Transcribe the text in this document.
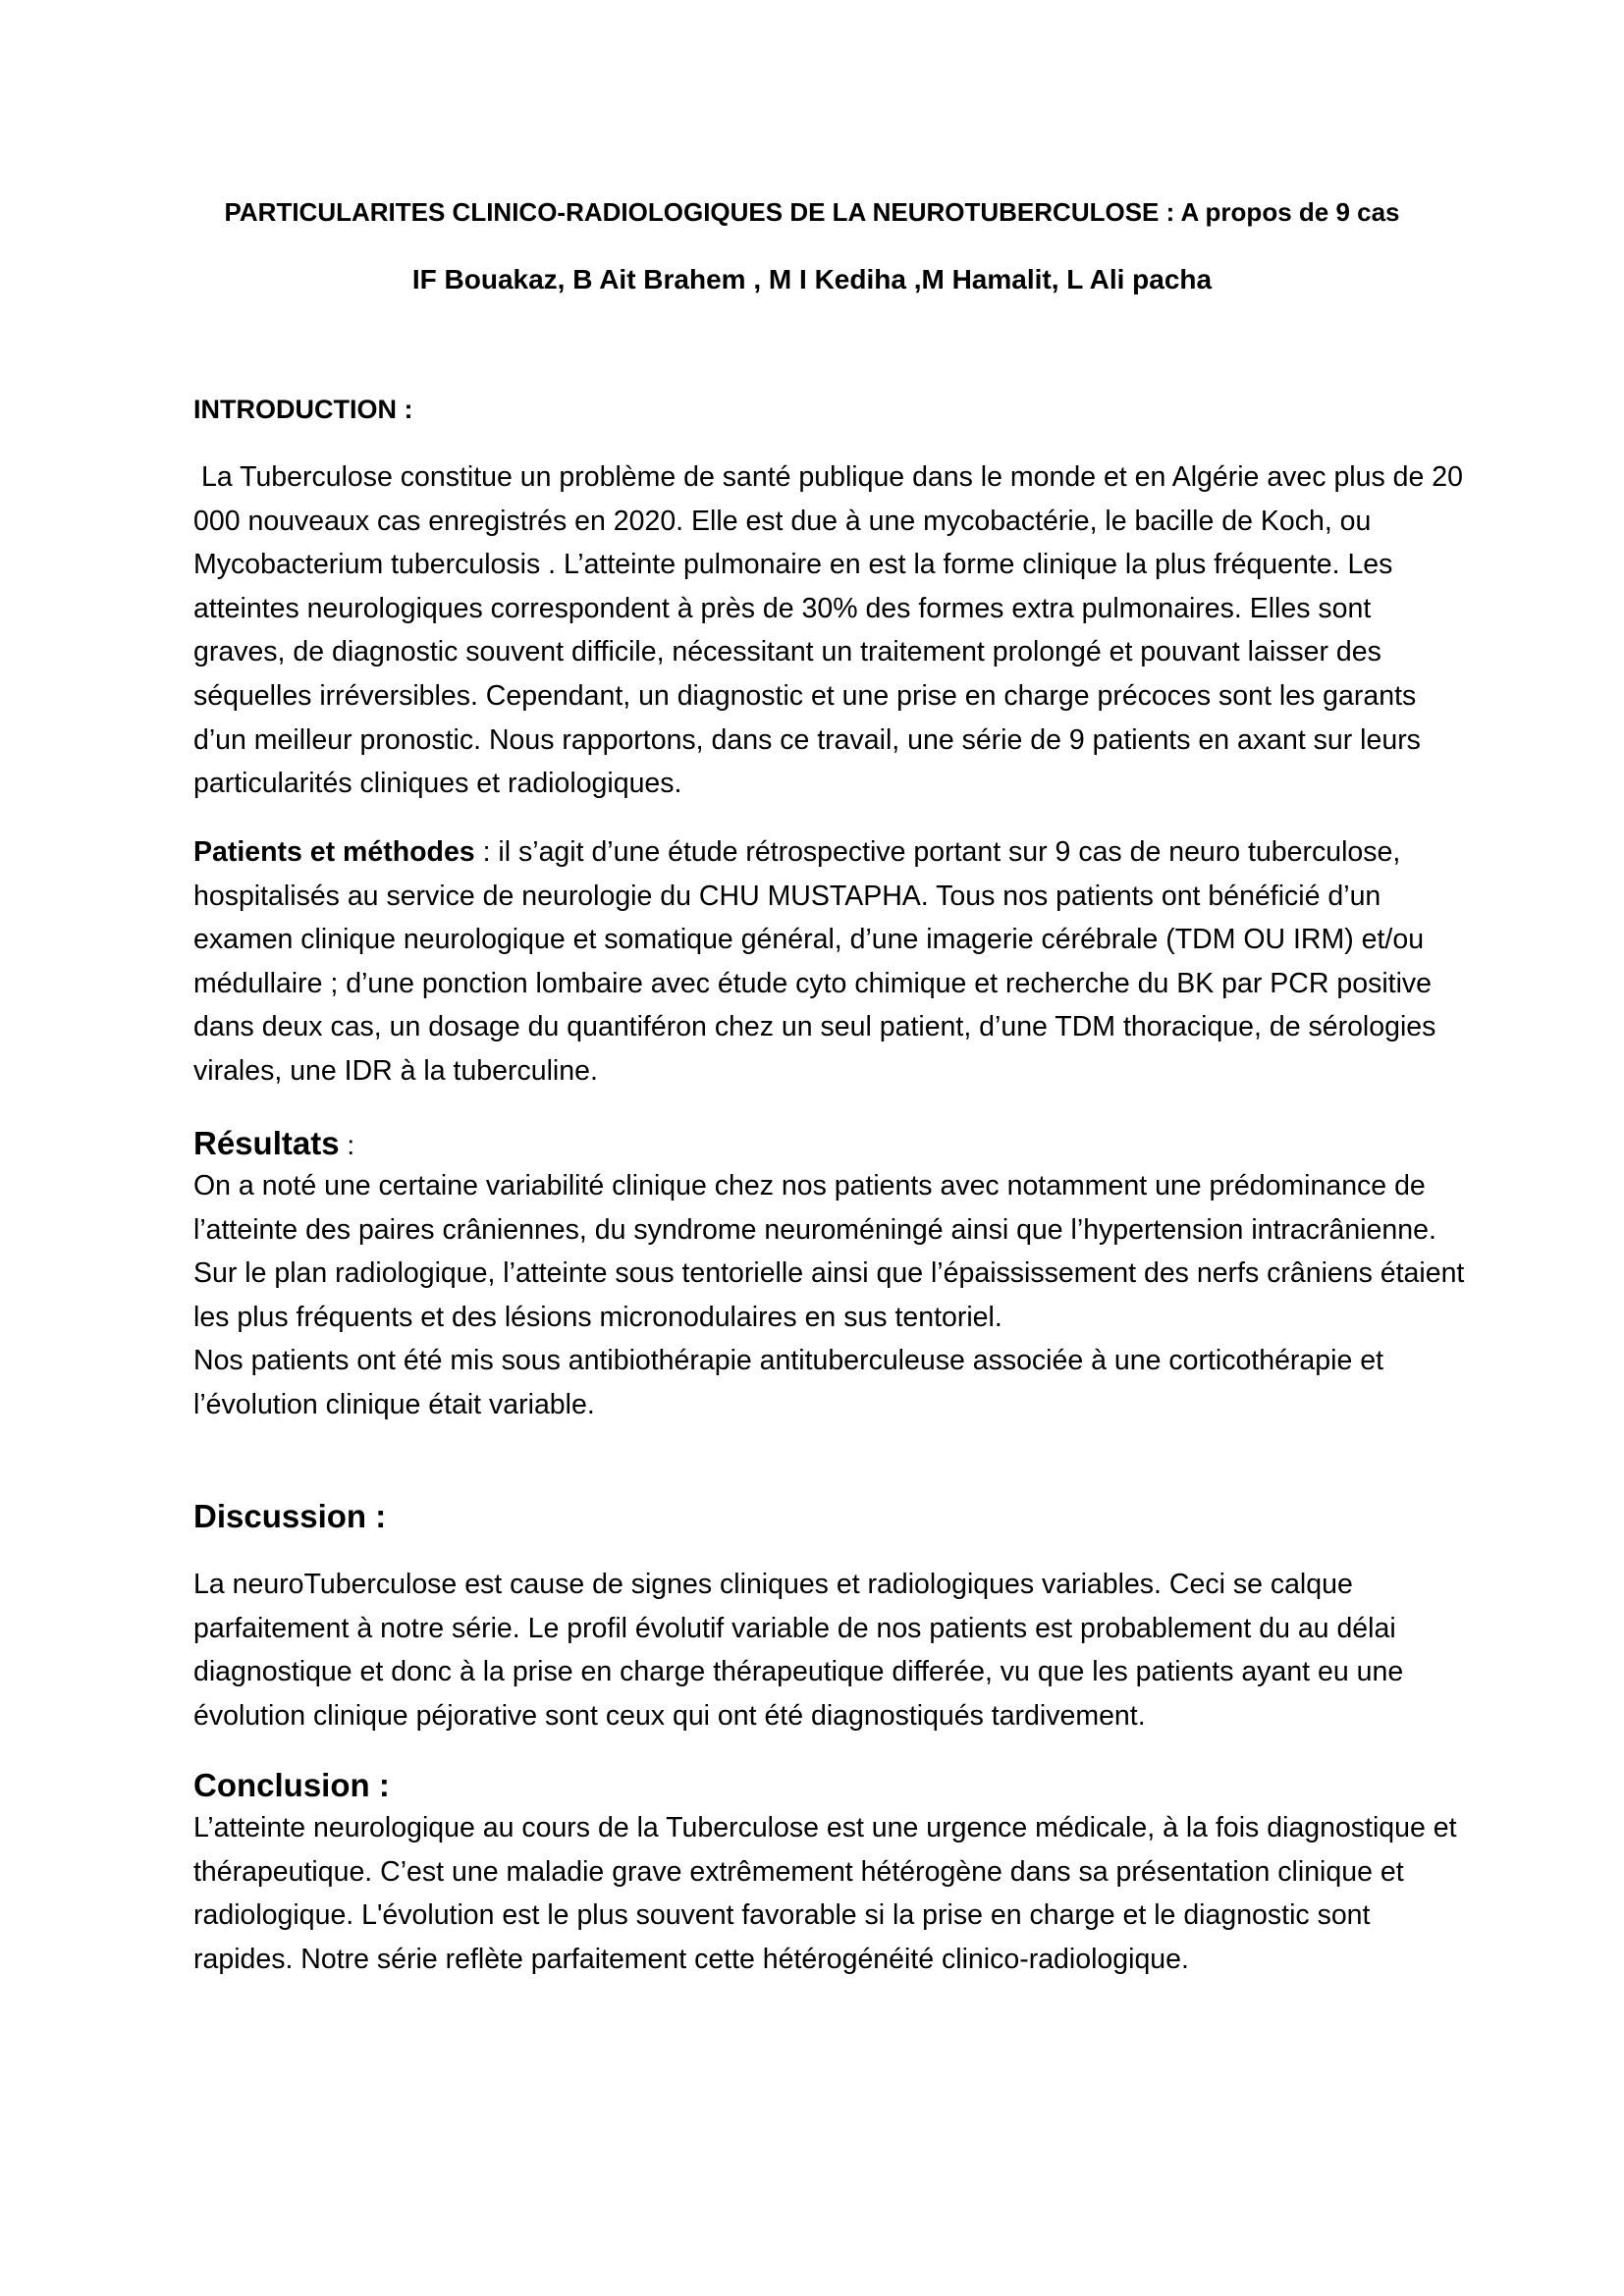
PARTICULARITES CLINICO-RADIOLOGIQUES DE LA NEUROTUBERCULOSE : A propos de 9 cas
IF Bouakaz, B Ait Brahem , M I Kediha ,M Hamalit, L Ali pacha
INTRODUCTION :

La Tuberculose constitue un problème de santé publique dans le monde et en Algérie avec plus de 20 000 nouveaux cas enregistrés en 2020. Elle est due à une mycobactérie, le bacille de Koch, ou Mycobacterium tuberculosis . L’atteinte pulmonaire en est la forme clinique la plus fréquente. Les atteintes neurologiques correspondent à près de 30% des formes extra pulmonaires. Elles sont graves, de diagnostic souvent difficile, nécessitant un traitement prolongé et pouvant laisser des séquelles irréversibles. Cependant, un diagnostic et une prise en charge précoces sont les garants d’un meilleur pronostic. Nous rapportons, dans ce travail, une série de 9 patients en axant sur leurs particularités cliniques et radiologiques.

Patients et méthodes : il s’agit d’une étude rétrospective portant sur 9 cas de neuro tuberculose, hospitalisés au service de neurologie du CHU MUSTAPHA. Tous nos patients ont bénéficié d’un examen clinique neurologique et somatique général, d’une imagerie cérébrale (TDM OU IRM) et/ou médullaire ; d’une ponction lombaire avec étude cyto chimique et recherche du BK par PCR positive dans deux cas, un dosage du quantiféron chez un seul patient, d’une TDM thoracique, de sérologies virales, une IDR à la tuberculine.

Résultats :
On a noté une certaine variabilité clinique chez nos patients avec notamment une prédominance de l’atteinte des paires crâniennes, du syndrome neuroméningé ainsi que l’hypertension intracrânienne.
Sur le plan radiologique, l’atteinte sous tentorielle ainsi que l’épaississement des nerfs crâniens étaient les plus fréquents et des lésions micronodulaires en sus tentoriel.
Nos patients ont été mis sous antibiothérapie antituberculeuse associée à une corticothérapie et l’évolution clinique était variable.
Discussion :

La neuroTuberculose est cause de signes cliniques et radiologiques variables. Ceci se calque parfaitement à notre série. Le profil évolutif variable de nos patients est probablement du au délai diagnostique et donc à la prise en charge thérapeutique differée, vu que les patients ayant eu une évolution clinique péjorative sont ceux qui ont été diagnostiqués tardivement.

Conclusion :

L’atteinte neurologique au cours de la Tuberculose est une urgence médicale, à la fois diagnostique et thérapeutique. C’est une maladie grave extrêmement hétérogène dans sa présentation clinique et radiologique. L'évolution est le plus souvent favorable si la prise en charge et le diagnostic sont rapides. Notre série reflète parfaitement cette hétérogénéité clinico-radiologique.
